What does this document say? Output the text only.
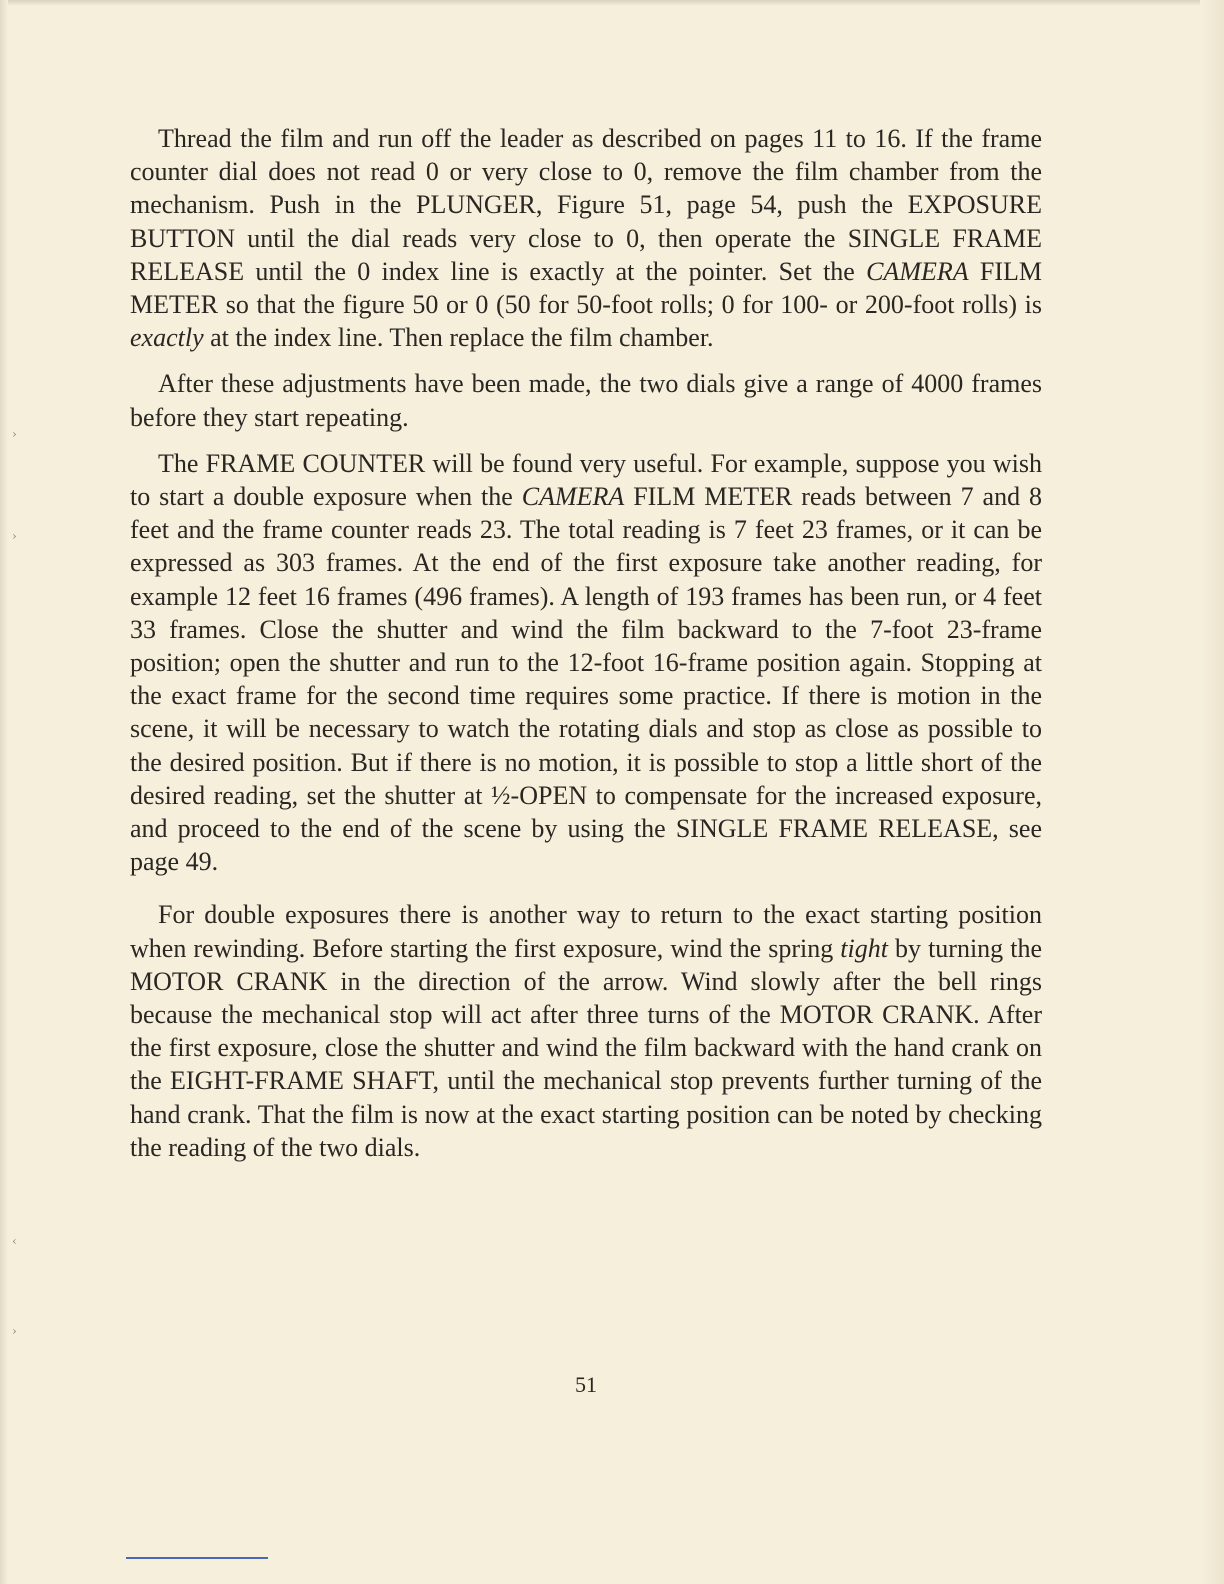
›
›
‹
›

Thread the film and run off the leader as described on pages 11 to 16. If the frame counter dial does not read 0 or very close to 0, remove the film chamber from the mechanism. Push in the PLUNGER, Figure 51, page 54, push the EXPOSURE BUTTON until the dial reads very close to 0, then operate the SINGLE FRAME RELEASE until the 0 index line is exactly at the pointer. Set the CAMERA FILM METER so that the figure 50 or 0 (50 for 50-foot rolls; 0 for 100- or 200-foot rolls) is exactly at the index line. Then replace the film chamber.

After these adjustments have been made, the two dials give a range of 4000 frames before they start repeating.

The FRAME COUNTER will be found very useful. For example, suppose you wish to start a double exposure when the CAMERA FILM METER reads between 7 and 8 feet and the frame counter reads 23. The total reading is 7 feet 23 frames, or it can be expressed as 303 frames. At the end of the first exposure take another reading, for example 12 feet 16 frames (496 frames). A length of 193 frames has been run, or 4 feet 33 frames. Close the shutter and wind the film backward to the 7-foot 23-frame position; open the shutter and run to the 12-foot 16-frame position again. Stopping at the exact frame for the second time requires some practice. If there is motion in the scene, it will be necessary to watch the rotating dials and stop as close as possible to the desired position. But if there is no motion, it is possible to stop a little short of the desired reading, set the shutter at ½-OPEN to compensate for the increased exposure, and proceed to the end of the scene by using the SINGLE FRAME RELEASE, see page 49.

For double exposures there is another way to return to the exact starting position when rewinding. Before starting the first exposure, wind the spring tight by turning the MOTOR CRANK in the direction of the arrow. Wind slowly after the bell rings because the mechanical stop will act after three turns of the MOTOR CRANK. After the first exposure, close the shutter and wind the film backward with the hand crank on the EIGHT-FRAME SHAFT, until the mechanical stop prevents further turning of the hand crank. That the film is now at the exact starting position can be noted by checking the reading of the two dials.

51
